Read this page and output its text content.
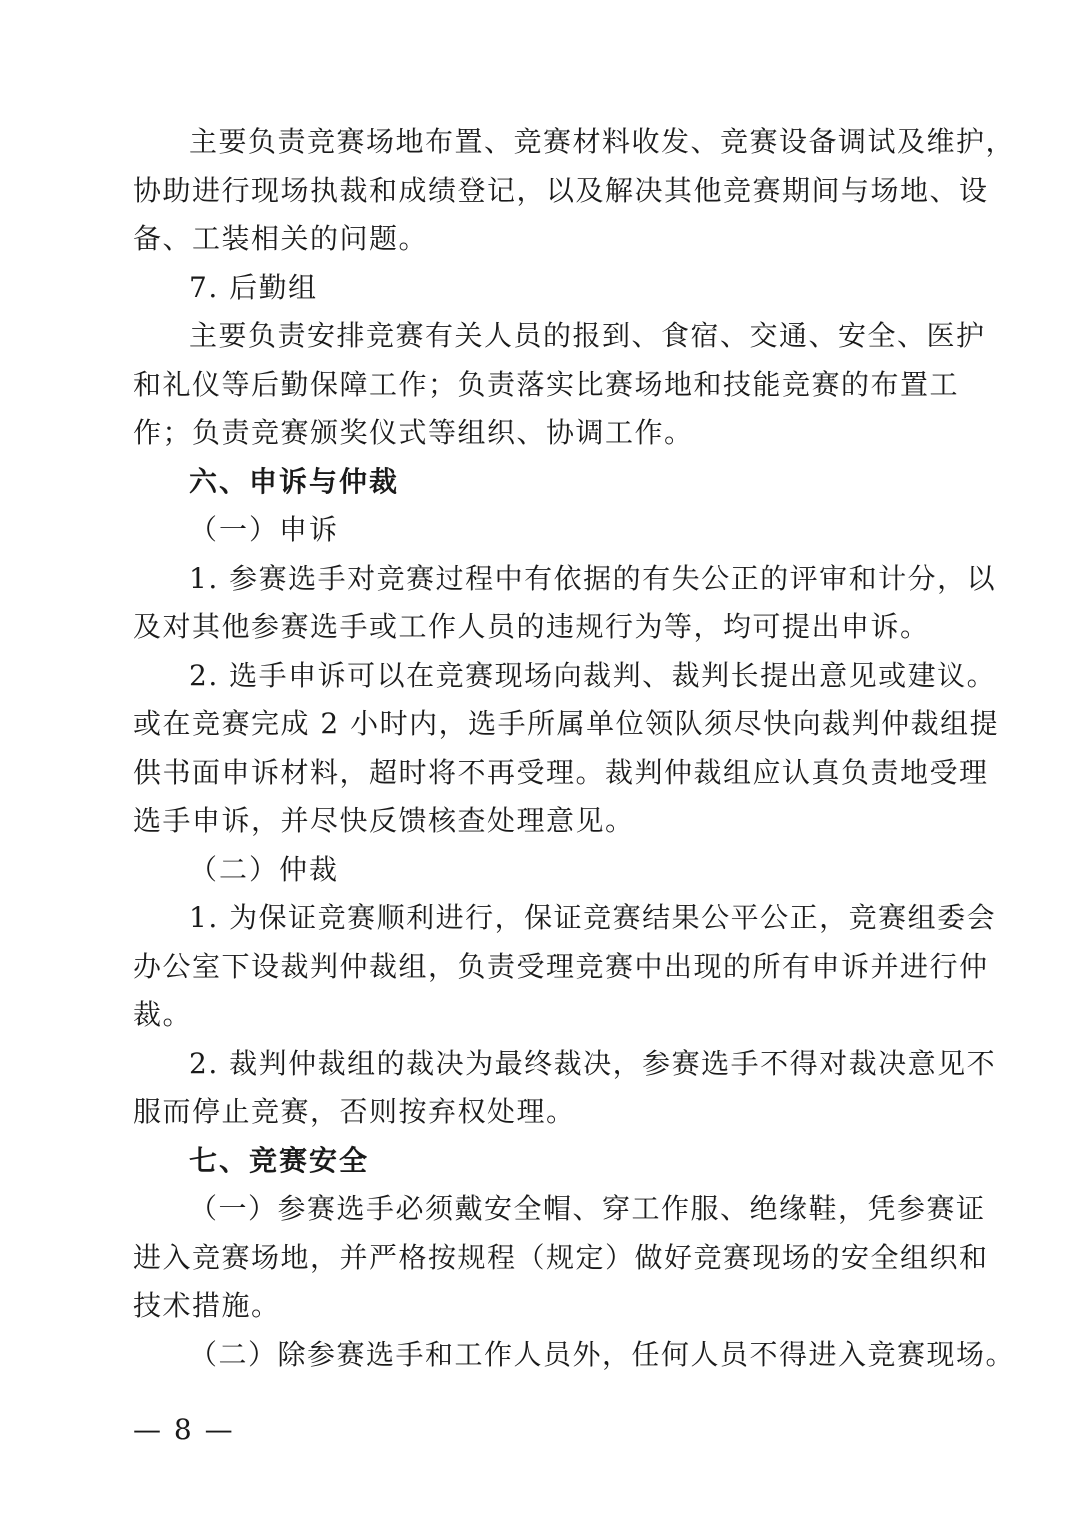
主要负责竞赛场地布置、竞赛材料收发、竞赛设备调试及维护，
协助进行现场执裁和成绩登记，以及解决其他竞赛期间与场地、设
备、工装相关的问题。
7. 后勤组
主要负责安排竞赛有关人员的报到、食宿、交通、安全、医护
和礼仪等后勤保障工作；负责落实比赛场地和技能竞赛的布置工
作；负责竞赛颁奖仪式等组织、协调工作。
六、申诉与仲裁
（一）申诉
1. 参赛选手对竞赛过程中有依据的有失公正的评审和计分，以
及对其他参赛选手或工作人员的违规行为等，均可提出申诉。
2. 选手申诉可以在竞赛现场向裁判、裁判长提出意见或建议。
或在竞赛完成 2 小时内，选手所属单位领队须尽快向裁判仲裁组提
供书面申诉材料，超时将不再受理。裁判仲裁组应认真负责地受理
选手申诉，并尽快反馈核查处理意见。
（二）仲裁
1. 为保证竞赛顺利进行，保证竞赛结果公平公正，竞赛组委会
办公室下设裁判仲裁组，负责受理竞赛中出现的所有申诉并进行仲
裁。
2. 裁判仲裁组的裁决为最终裁决，参赛选手不得对裁决意见不
服而停止竞赛，否则按弃权处理。
七、竞赛安全
（一）参赛选手必须戴安全帽、穿工作服、绝缘鞋，凭参赛证
进入竞赛场地，并严格按规程（规定）做好竞赛现场的安全组织和
技术措施。
（二）除参赛选手和工作人员外，任何人员不得进入竞赛现场。
— 8 —
